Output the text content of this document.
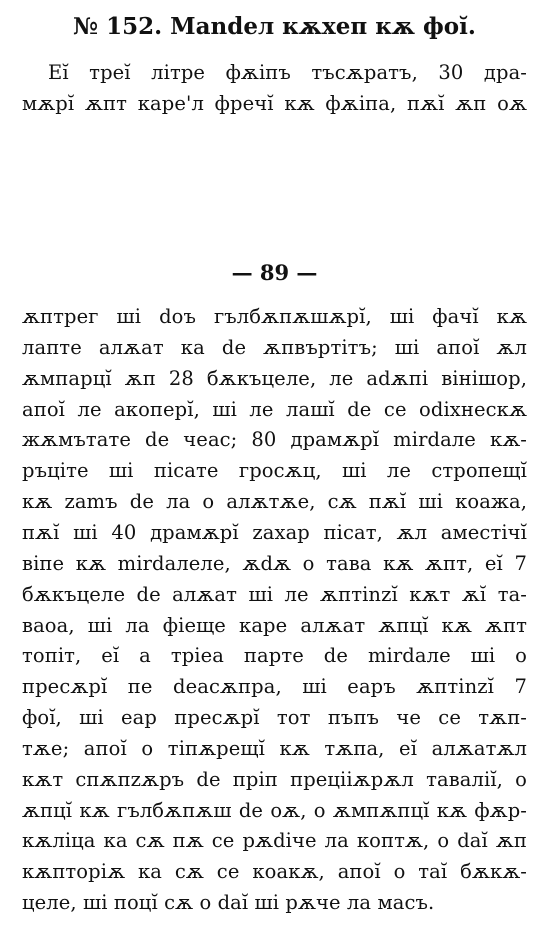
№ 152. Mandeл кѫхеп кѫ фоĭ.
Еĭ треĭ літре фѫіпъ тъсѫратъ, 30 дра-
мѫрĭ ѫпт каре'л фречĭ кѫ фѫіпа, пѫĭ ѫп оѫ
— 89 —
ѫптрег ші doъ гълбѫпѫшѫрĭ, ші фачĭ кѫ
лапте алѫат ка de ѫпвъртітъ; ші апоĭ ѫл
ѫмпарцĭ ѫп 28 бѫкъцеле, ле adѫпі вінішор,
апоĭ ле акоперĭ, ші ле лашĭ de се odіхнескѫ
жѫмътате de чеас; 80 драмѫрĭ mіrdале кѫ-
ръціте ші пісате гросѫц, ші ле стропещĭ
кѫ zamъ de ла о алѫтѫе, сѫ пѫĭ ші коажа,
пѫĭ ші 40 драмѫрĭ zахар пісат, ѫл аместічĭ
віпе кѫ mіrdалеле, ѫdѫ о тава кѫ ѫпт, еĭ 7
бѫкъцеле de алѫат ші ле ѫптіnzĭ кѫт ѫĭ та-
ваоа, ші ла фіеще каре алѫат ѫпцĭ кѫ ѫпт
топіт, еĭ а тріеа парте de mіrdале ші о
пресѫрĭ пе deасѫпра, ші еаръ ѫптіnzĭ 7
фоĭ, ші еар пресѫрĭ тот пъпъ че се тѫп-
тѫе; апоĭ о тіпѫрещĭ кѫ тѫпа, еĭ алѫатѫл
кѫт спѫпzѫръ de пріп прецііѫрѫл тавалiĭ, о
ѫпцĭ кѫ гълбѫпѫш de оѫ, о ѫмпѫпцĭ кѫ фѫр-
кѫліца ка сѫ пѫ се рѫdіче ла коптѫ, о daĭ ѫп
кѫпторіѫ ка сѫ се коакѫ, апоĭ о таĭ бѫкѫ-
целе, ші поцĭ сѫ о daĭ ші рѫче ла масъ.
